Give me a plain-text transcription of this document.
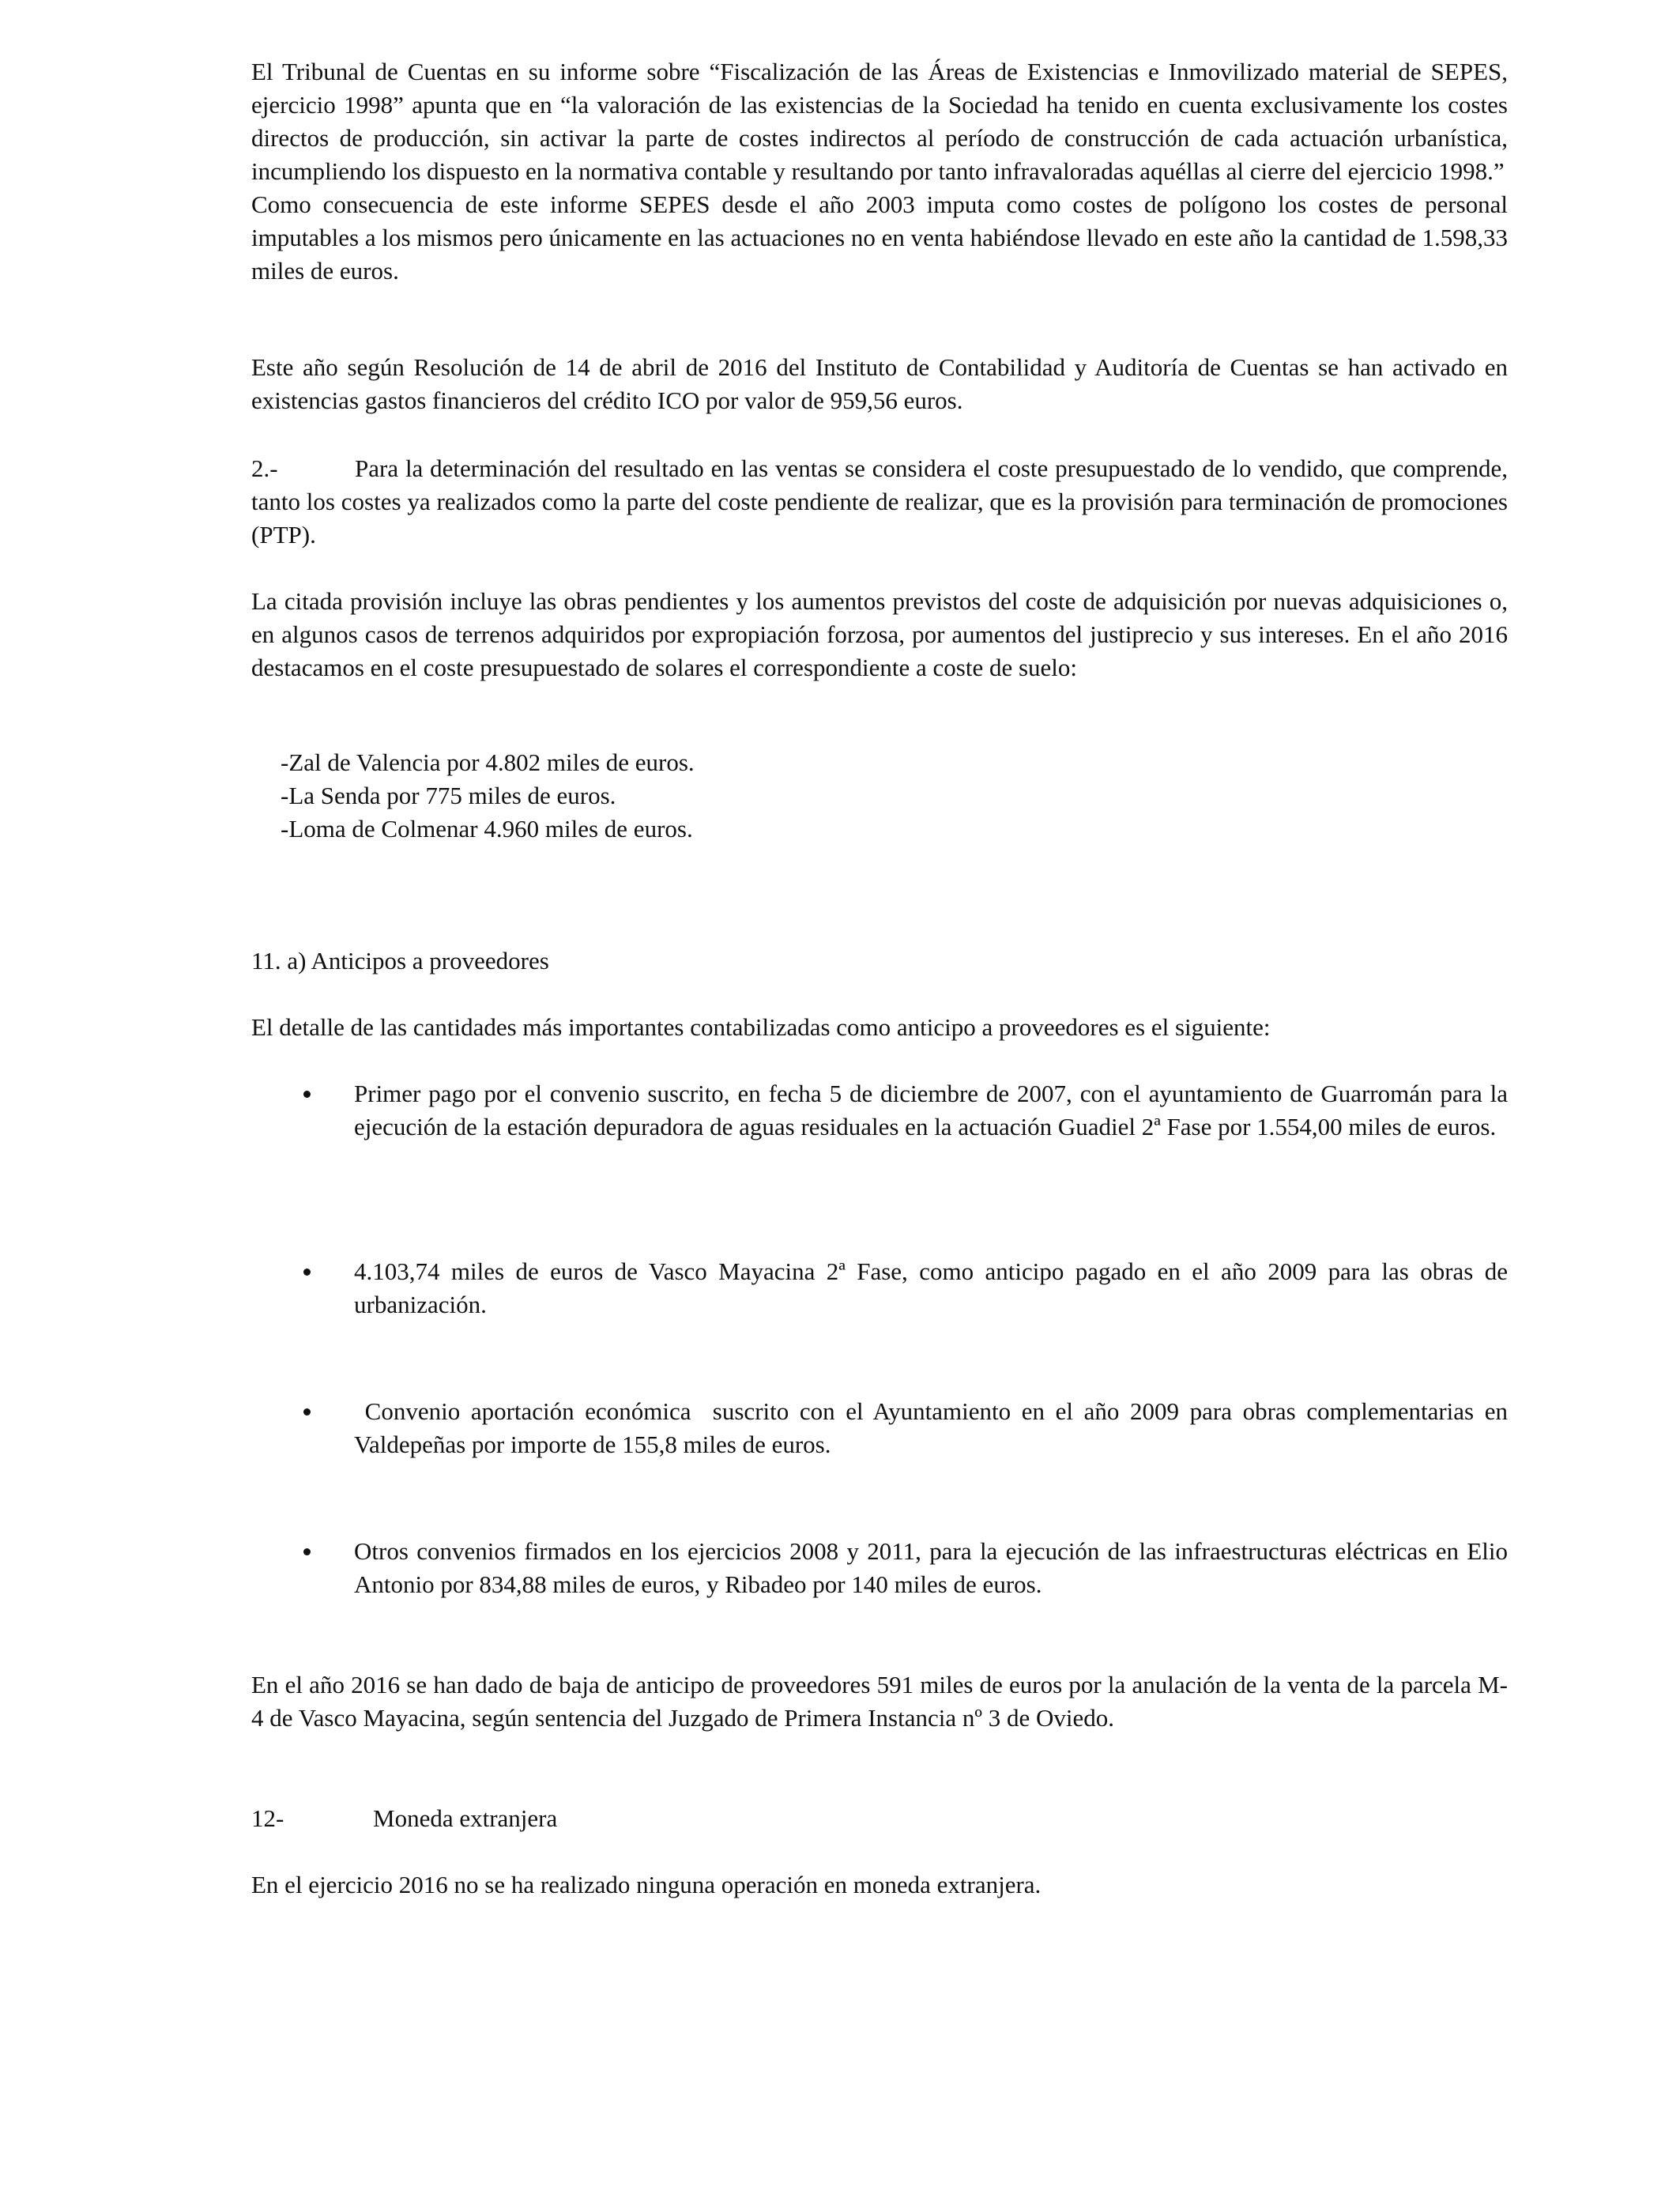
El Tribunal de Cuentas en su informe sobre “Fiscalización de las Áreas de Existencias e Inmovilizado material de SEPES, ejercicio 1998” apunta que en “la valoración de las existencias de la Sociedad ha tenido en cuenta exclusivamente los costes directos de producción, sin activar la parte de costes indirectos al período de construcción de cada actuación urbanística, incumpliendo los dispuesto en la normativa contable y resultando por tanto infravaloradas aquéllas al cierre del ejercicio 1998.”

Como consecuencia de este informe SEPES desde el año 2003 imputa como costes de polígono los costes de personal imputables a los mismos pero únicamente en las actuaciones no en venta habiéndose llevado en este año la cantidad de 1.598,33 miles de euros.

Este año según Resolución de 14 de abril de 2016 del Instituto de Contabilidad y Auditoría de Cuentas se han activado en existencias gastos financieros del crédito ICO por valor de 959,56 euros.

2.-	Para la determinación del resultado en las ventas se considera el coste presupuestado de lo vendido, que comprende, tanto los costes ya realizados como la parte del coste pendiente de realizar, que es la provisión para terminación de promociones (PTP).

La citada provisión incluye las obras pendientes y los aumentos previstos del coste de adquisición por nuevas adquisiciones o, en algunos casos de terrenos adquiridos por expropiación forzosa, por aumentos del justiprecio y sus intereses. En el año 2016 destacamos en el coste presupuestado de solares el correspondiente a coste de suelo:

-Zal de Valencia por 4.802 miles de euros.
-La Senda por 775 miles de euros.
-Loma de Colmenar 4.960 miles de euros.

11. a) Anticipos a proveedores

El detalle de las cantidades más importantes contabilizadas como anticipo a proveedores es el siguiente:

Primer pago por el convenio suscrito, en fecha 5 de diciembre de 2007, con el ayuntamiento de Guarromán para la ejecución de la estación depuradora de aguas residuales en la actuación Guadiel 2ª Fase por 1.554,00 miles de euros.

4.103,74 miles de euros de Vasco Mayacina 2ª Fase, como anticipo pagado en el año 2009 para las obras de urbanización.

Convenio aportación económica  suscrito con el Ayuntamiento en el año 2009 para obras complementarias en Valdepeñas por importe de 155,8 miles de euros.

Otros convenios firmados en los ejercicios 2008 y 2011, para la ejecución de las infraestructuras eléctricas en Elio Antonio por 834,88 miles de euros, y Ribadeo por 140 miles de euros.

En el año 2016 se han dado de baja de anticipo de proveedores 591 miles de euros por la anulación de la venta de la parcela M-4 de Vasco Mayacina, según sentencia del Juzgado de Primera Instancia nº 3 de Oviedo.

12-	Moneda extranjera

En el ejercicio 2016 no se ha realizado ninguna operación en moneda extranjera.
